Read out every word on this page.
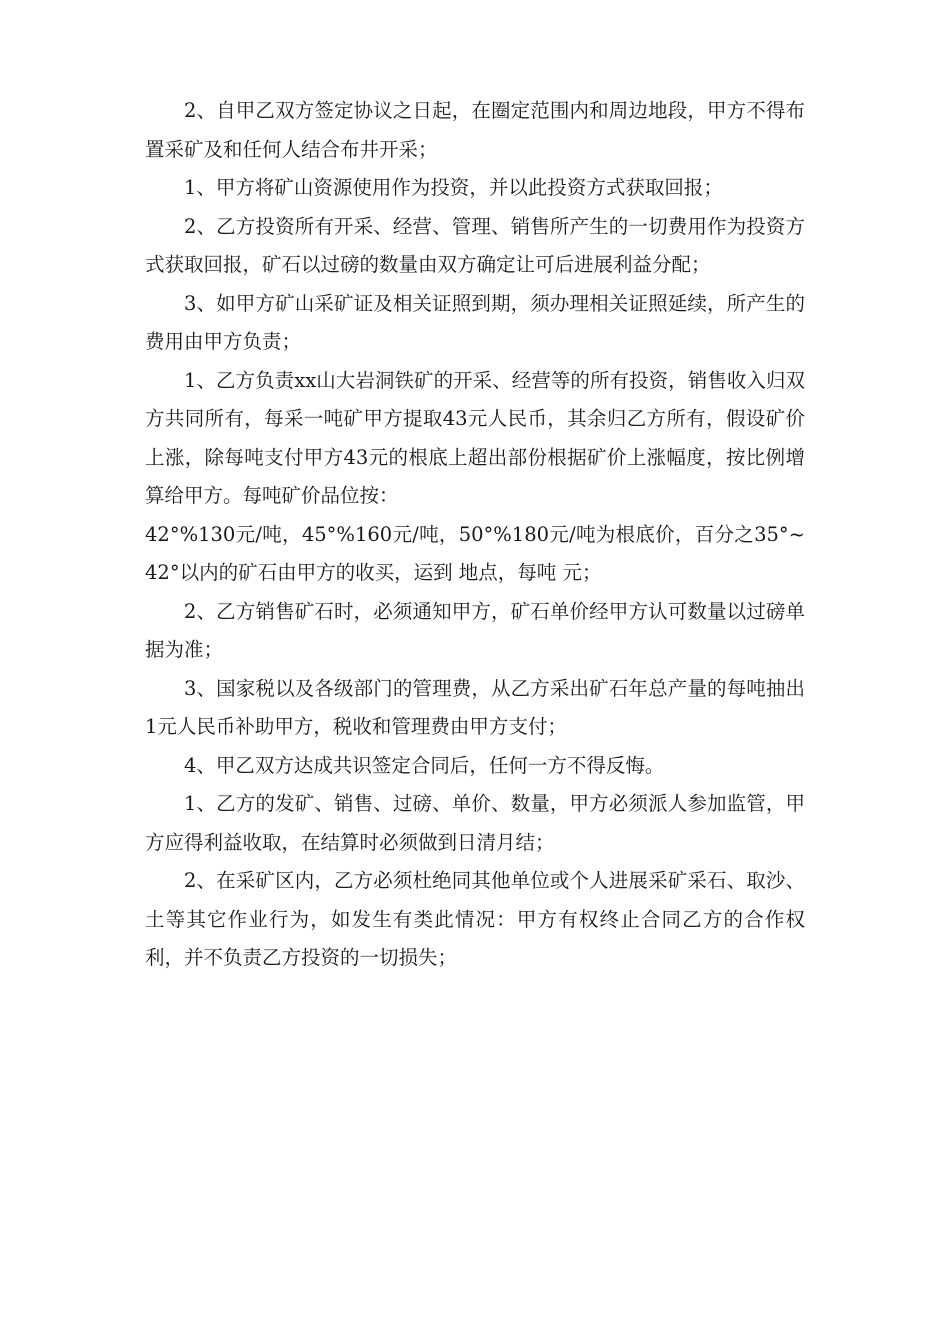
2、自甲乙双方签定协议之日起，在圈定范围内和周边地段，甲方不得布置采矿及和任何人结合布井开采；

1、甲方将矿山资源使用作为投资，并以此投资方式获取回报；

2、乙方投资所有开采、经营、管理、销售所产生的一切费用作为投资方式获取回报，矿石以过磅的数量由双方确定让可后进展利益分配；

3、如甲方矿山采矿证及相关证照到期，须办理相关证照延续，所产生的费用由甲方负责；

1、乙方负责xx山大岩洞铁矿的开采、经营等的所有投资，销售收入归双方共同所有，每采一吨矿甲方提取43元人民币，其余归乙方所有，假设矿价上涨，除每吨支付甲方43元的根底上超出部份根据矿价上涨幅度，按比例增算给甲方。每吨矿价品位按：

42°%130元/吨，45°%160元/吨，50°%180元/吨为根底价，百分之35°~42°以内的矿石由甲方的收买，运到 地点，每吨 元；

2、乙方销售矿石时，必须通知甲方，矿石单价经甲方认可数量以过磅单据为准；

3、国家税以及各级部门的管理费，从乙方采出矿石年总产量的每吨抽出1元人民币补助甲方，税收和管理费由甲方支付；

4、甲乙双方达成共识签定合同后，任何一方不得反悔。

1、乙方的发矿、销售、过磅、单价、数量，甲方必须派人参加监管，甲方应得利益收取，在结算时必须做到日清月结；

2、在采矿区内，乙方必须杜绝同其他单位或个人进展采矿采石、取沙、土等其它作业行为，如发生有类此情况：甲方有权终止合同乙方的合作权利，并不负责乙方投资的一切损失；
